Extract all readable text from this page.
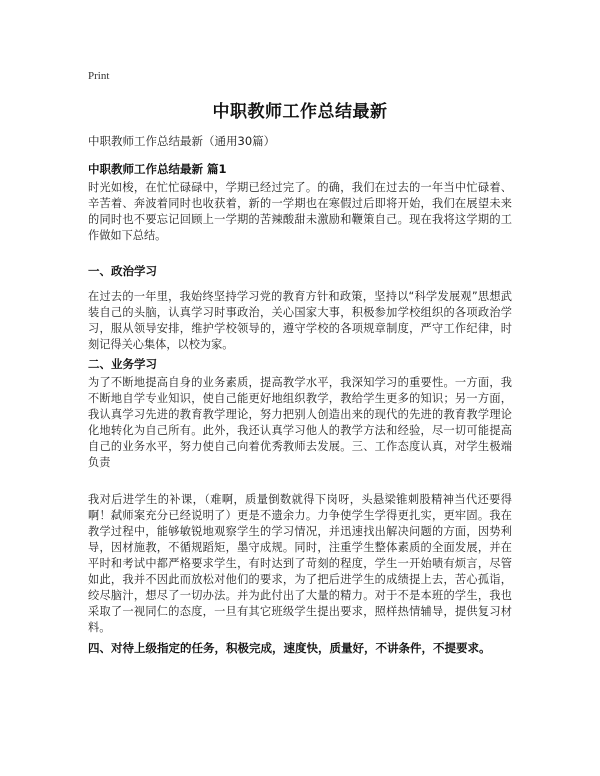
Print
中职教师工作总结最新
中职教师工作总结最新（通用30篇）
中职教师工作总结最新 篇1
时光如梭，在忙忙碌碌中，学期已经过完了。的确，我们在过去的一年当中忙碌着、辛苦着、奔波着同时也收获着，新的一学期也在寒假过后即将开始，我们在展望未来的同时也不要忘记回顾上一学期的苦辣酸甜未激励和鞭策自己。现在我将这学期的工作做如下总结。
一、政治学习
在过去的一年里，我始终坚持学习党的教育方针和政策，坚持以“科学发展观”思想武装自己的头脑，认真学习时事政治，关心国家大事，积极参加学校组织的各项政治学习，服从领导安排，维护学校领导的，遵守学校的各项规章制度，严守工作纪律，时刻记得关心集体，以校为家。
二、业务学习
为了不断地提高自身的业务素质，提高教学水平，我深知学习的重要性。一方面，我不断地自学专业知识，使自己能更好地组织教学，教给学生更多的知识；另一方面，我认真学习先进的教育教学理论，努力把别人创造出来的现代的先进的教育教学理论化地转化为自己所有。此外，我还认真学习他人的教学方法和经验，尽一切可能提高自己的业务水平，努力使自己向着优秀教师去发展。三、工作态度认真，对学生极端负责
我对后进学生的补课，（难啊，质量倒数就得下岗呀，头悬梁锥刺股精神当代还要得啊！弑师案充分已经说明了）更是不遗余力。力争使学生学得更扎实，更牢固。我在教学过程中，能够敏锐地观察学生的学习情况，并迅速找出解决问题的方面，因势利导，因材施教，不循规蹈矩，墨守成规。同时，注重学生整体素质的全面发展，并在平时和考试中都严格要求学生，有时达到了苛刻的程度，学生一开始啧有烦言，尽管如此，我并不因此而放松对他们的要求，为了把后进学生的成绩提上去，苦心孤诣，绞尽脑汁，想尽了一切办法。并为此付出了大量的精力。对于不是本班的学生，我也采取了一视同仁的态度，一旦有其它班级学生提出要求，照样热情辅导，提供复习材料。
四、对待上级指定的任务，积极完成，速度快，质量好，不讲条件，不提要求。
